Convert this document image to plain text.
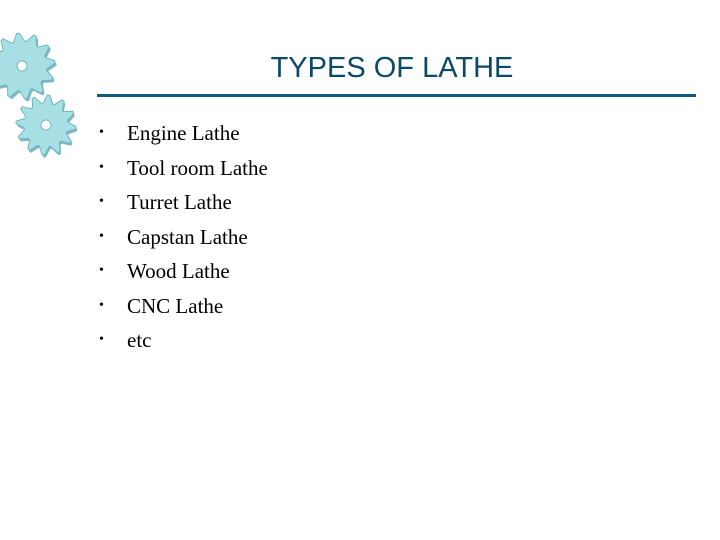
TYPES OF LATHE
•	Engine Lathe
•	Tool room Lathe
•	Turret Lathe
•	Capstan Lathe
•	Wood Lathe
•	CNC Lathe
•	etc
